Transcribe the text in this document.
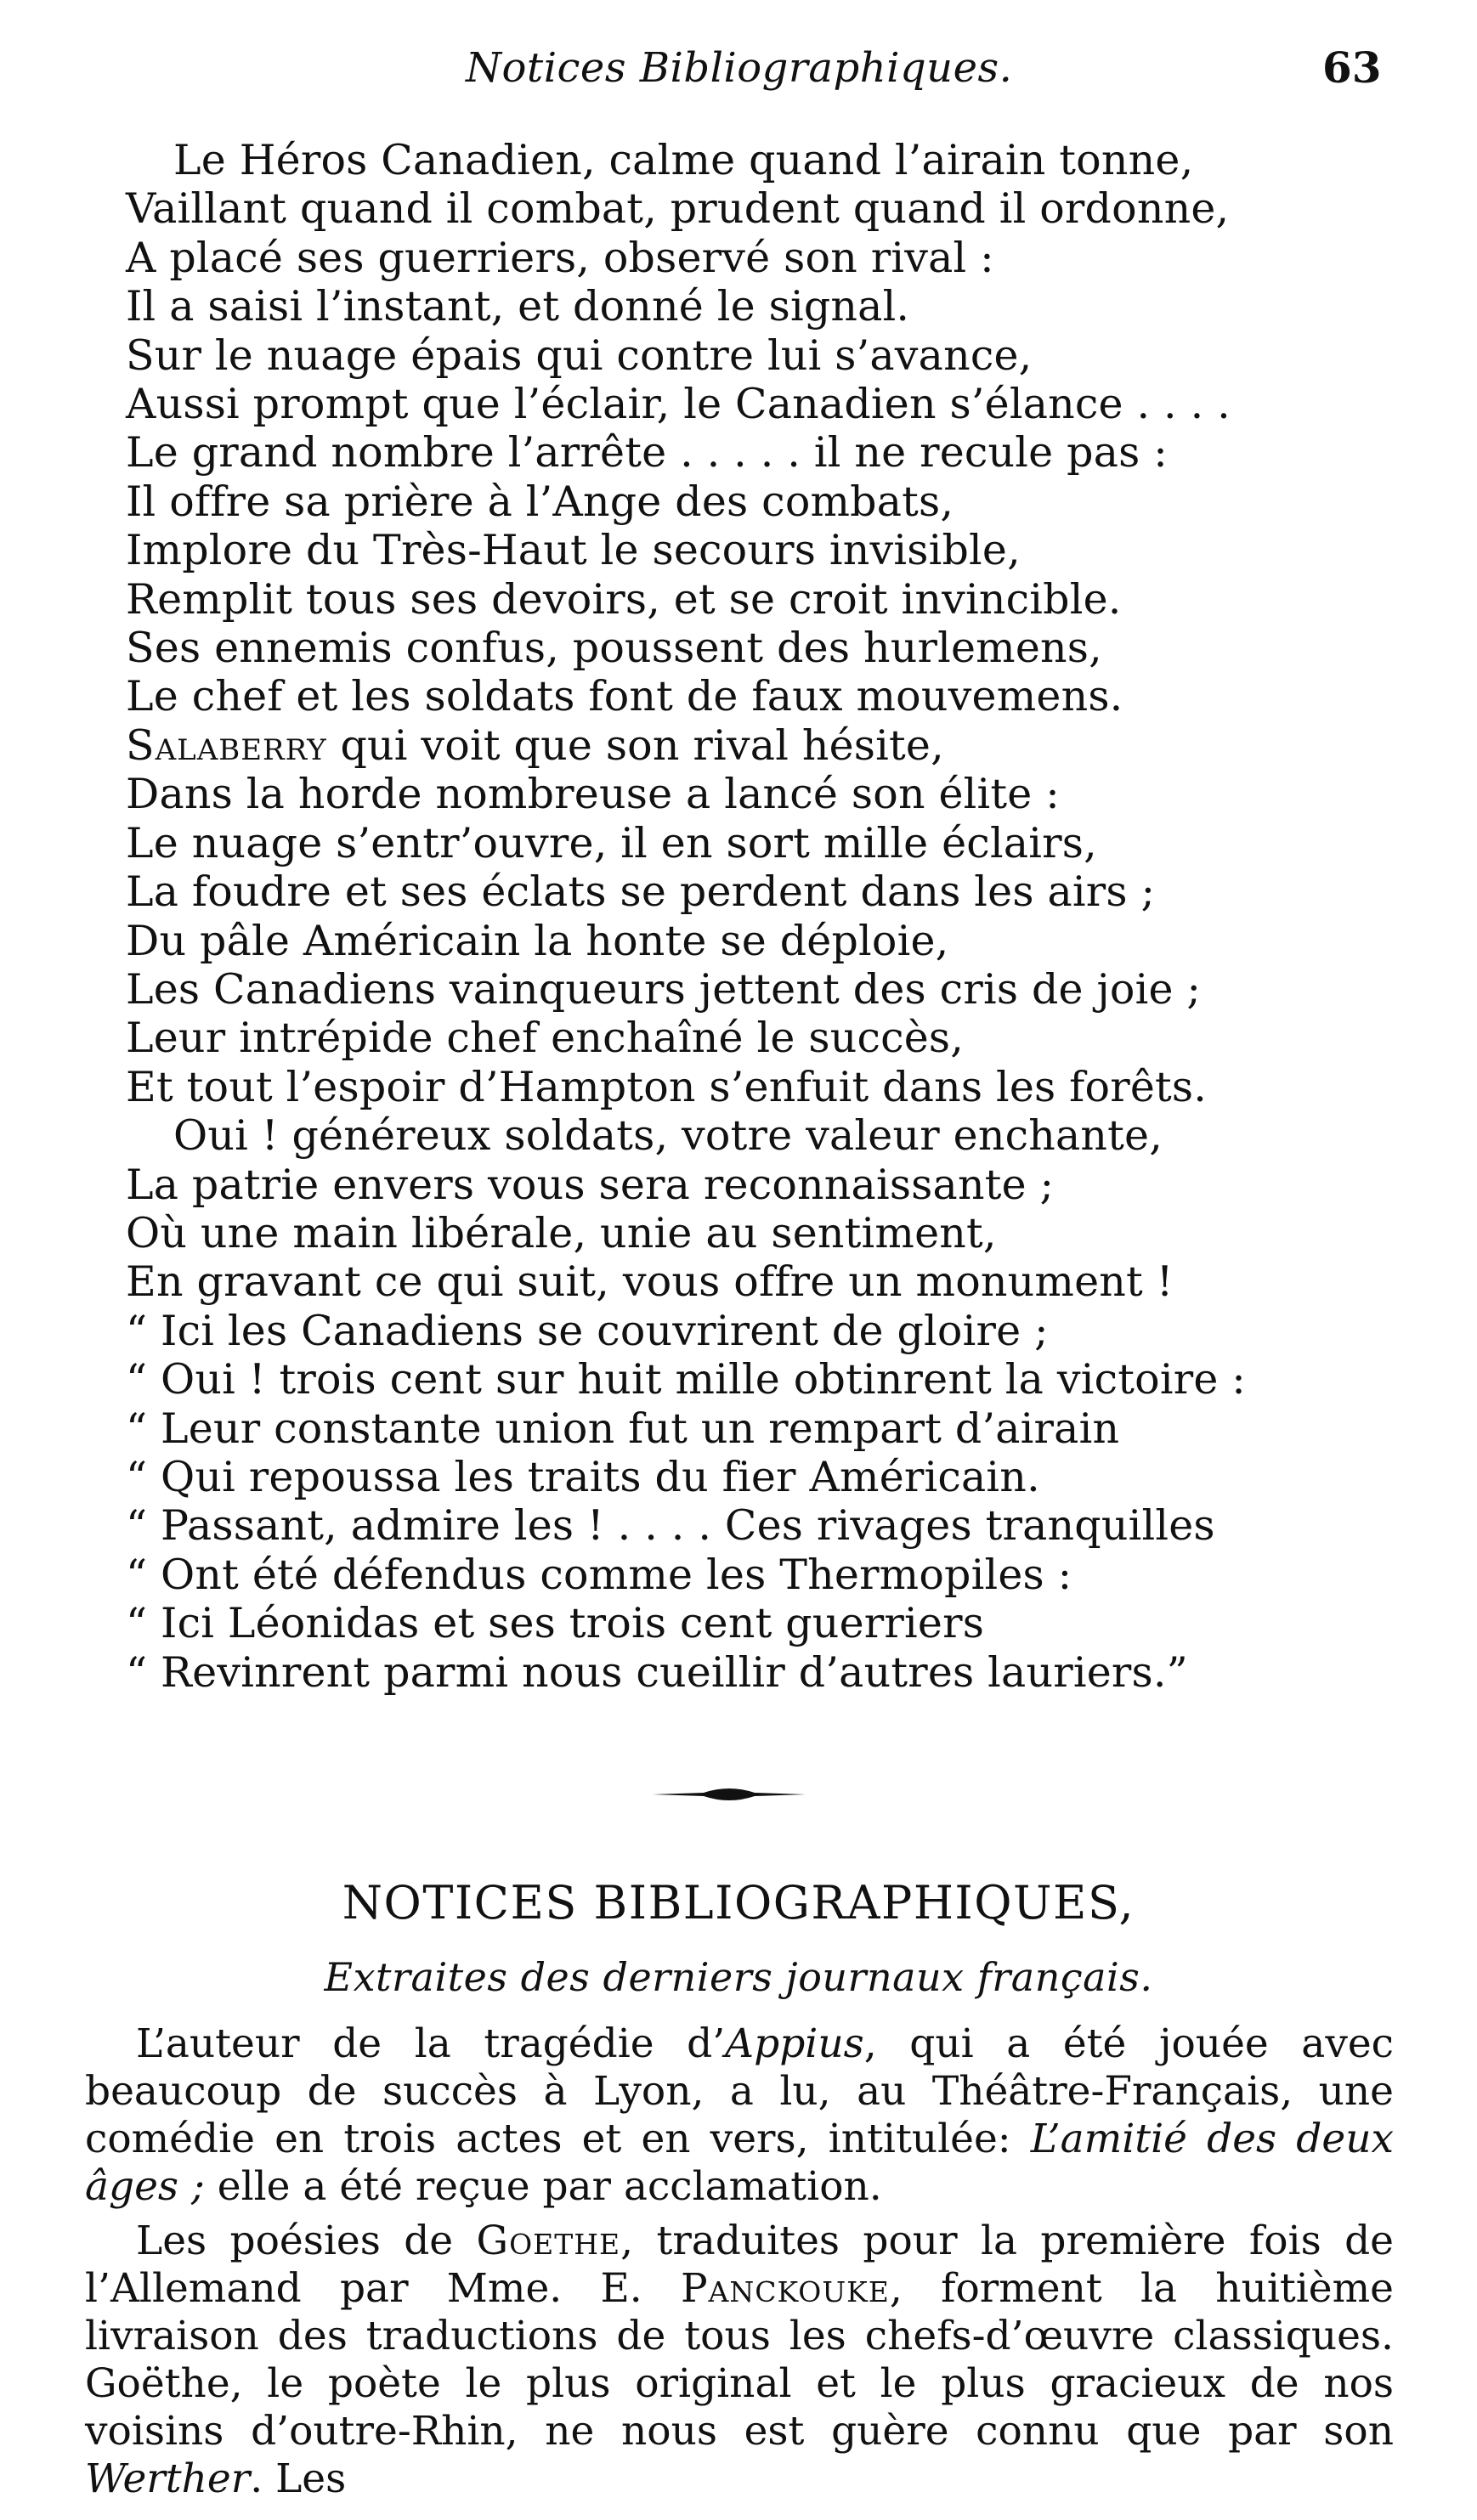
Notices Bibliographiques.	63
Le Héros Canadien, calme quand l’airain tonne,
Vaillant quand il combat, prudent quand il ordonne,
A placé ses guerriers, observé son rival :
Il a saisi l’instant, et donné le signal.
Sur le nuage épais qui contre lui s’avance,
Aussi prompt que l’éclair, le Canadien s’élance . . . .
Le grand nombre l’arrête . . . . . il ne recule pas :
Il offre sa prière à l’Ange des combats,
Implore du Très-Haut le secours invisible,
Remplit tous ses devoirs, et se croit invincible.
Ses ennemis confus, poussent des hurlemens,
Le chef et les soldats font de faux mouvemens.
Salaberry qui voit que son rival hésite,
Dans la horde nombreuse a lancé son élite :
Le nuage s’entr’ouvre, il en sort mille éclairs,
La foudre et ses éclats se perdent dans les airs ;
Du pâle Américain la honte se déploie,
Les Canadiens vainqueurs jettent des cris de joie ;
Leur intrépide chef enchaîné le succès,
Et tout l’espoir d’Hampton s’enfuit dans les forêts.
Oui ! généreux soldats, votre valeur enchante,
La patrie envers vous sera reconnaissante ;
Où une main libérale, unie au sentiment,
En gravant ce qui suit, vous offre un monument !
“ Ici les Canadiens se couvrirent de gloire ;
“ Oui ! trois cent sur huit mille obtinrent la victoire :
“ Leur constante union fut un rempart d’airain
“ Qui repoussa les traits du fier Américain.
“ Passant, admire les ! . . . . Ces rivages tranquilles
“ Ont été défendus comme les Thermopiles :
“ Ici Léonidas et ses trois cent guerriers
“ Revinrent parmi nous cueillir d’autres lauriers.”
NOTICES BIBLIOGRAPHIQUES,
Extraites des derniers journaux français.

L’auteur de la tragédie d’Appius, qui a été jouée avec beaucoup de succès à Lyon, a lu, au Théâtre-Français, une comédie en trois actes et en vers, intitulée: L’amitié des deux âges ; elle a été reçue par acclamation.

Les poésies de Goethe, traduites pour la première fois de l’Allemand par Mme. E. Panckouke, forment la huitième livraison des traductions de tous les chefs-d’œuvre classiques. Goëthe, le poète le plus original et le plus gracieux de nos voisins d’outre-Rhin, ne nous est guère connu que par son Werther. Les
